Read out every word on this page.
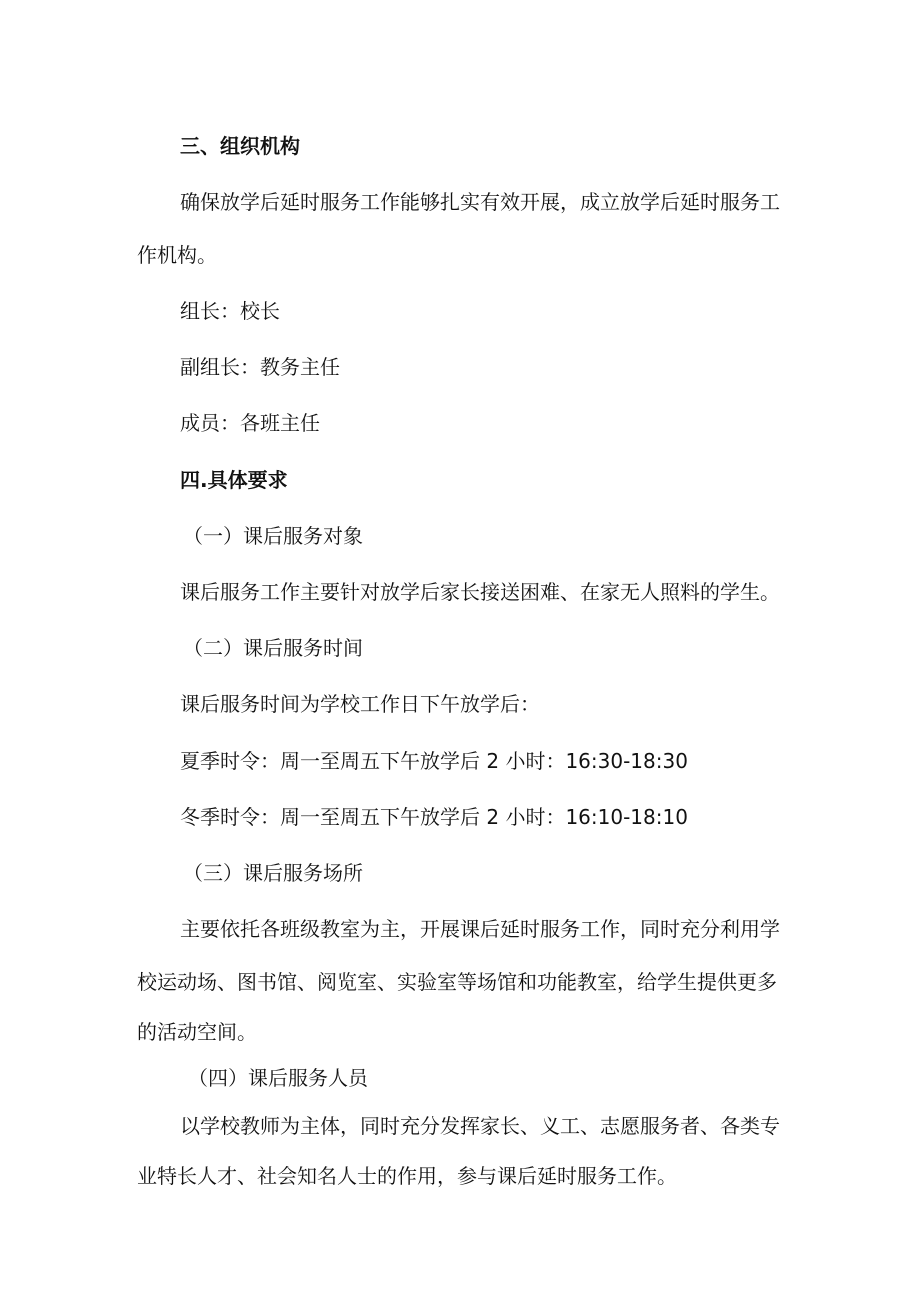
三、组织机构
确保放学后延时服务工作能够扎实有效开展，成立放学后延时服务工
作机构。
组长：校长
副组长：教务主任
成员：各班主任
四.具体要求
（一）课后服务对象
课后服务工作主要针对放学后家长接送困难、在家无人照料的学生。
（二）课后服务时间
课后服务时间为学校工作日下午放学后：
夏季时令：周一至周五下午放学后 2 小时：16:30-18:30
冬季时令：周一至周五下午放学后 2 小时：16:10-18:10
（三）课后服务场所
主要依托各班级教室为主，开展课后延时服务工作，同时充分利用学
校运动场、图书馆、阅览室、实验室等场馆和功能教室，给学生提供更多
的活动空间。
（四）课后服务人员
以学校教师为主体，同时充分发挥家长、义工、志愿服务者、各类专
业特长人才、社会知名人士的作用，参与课后延时服务工作。
